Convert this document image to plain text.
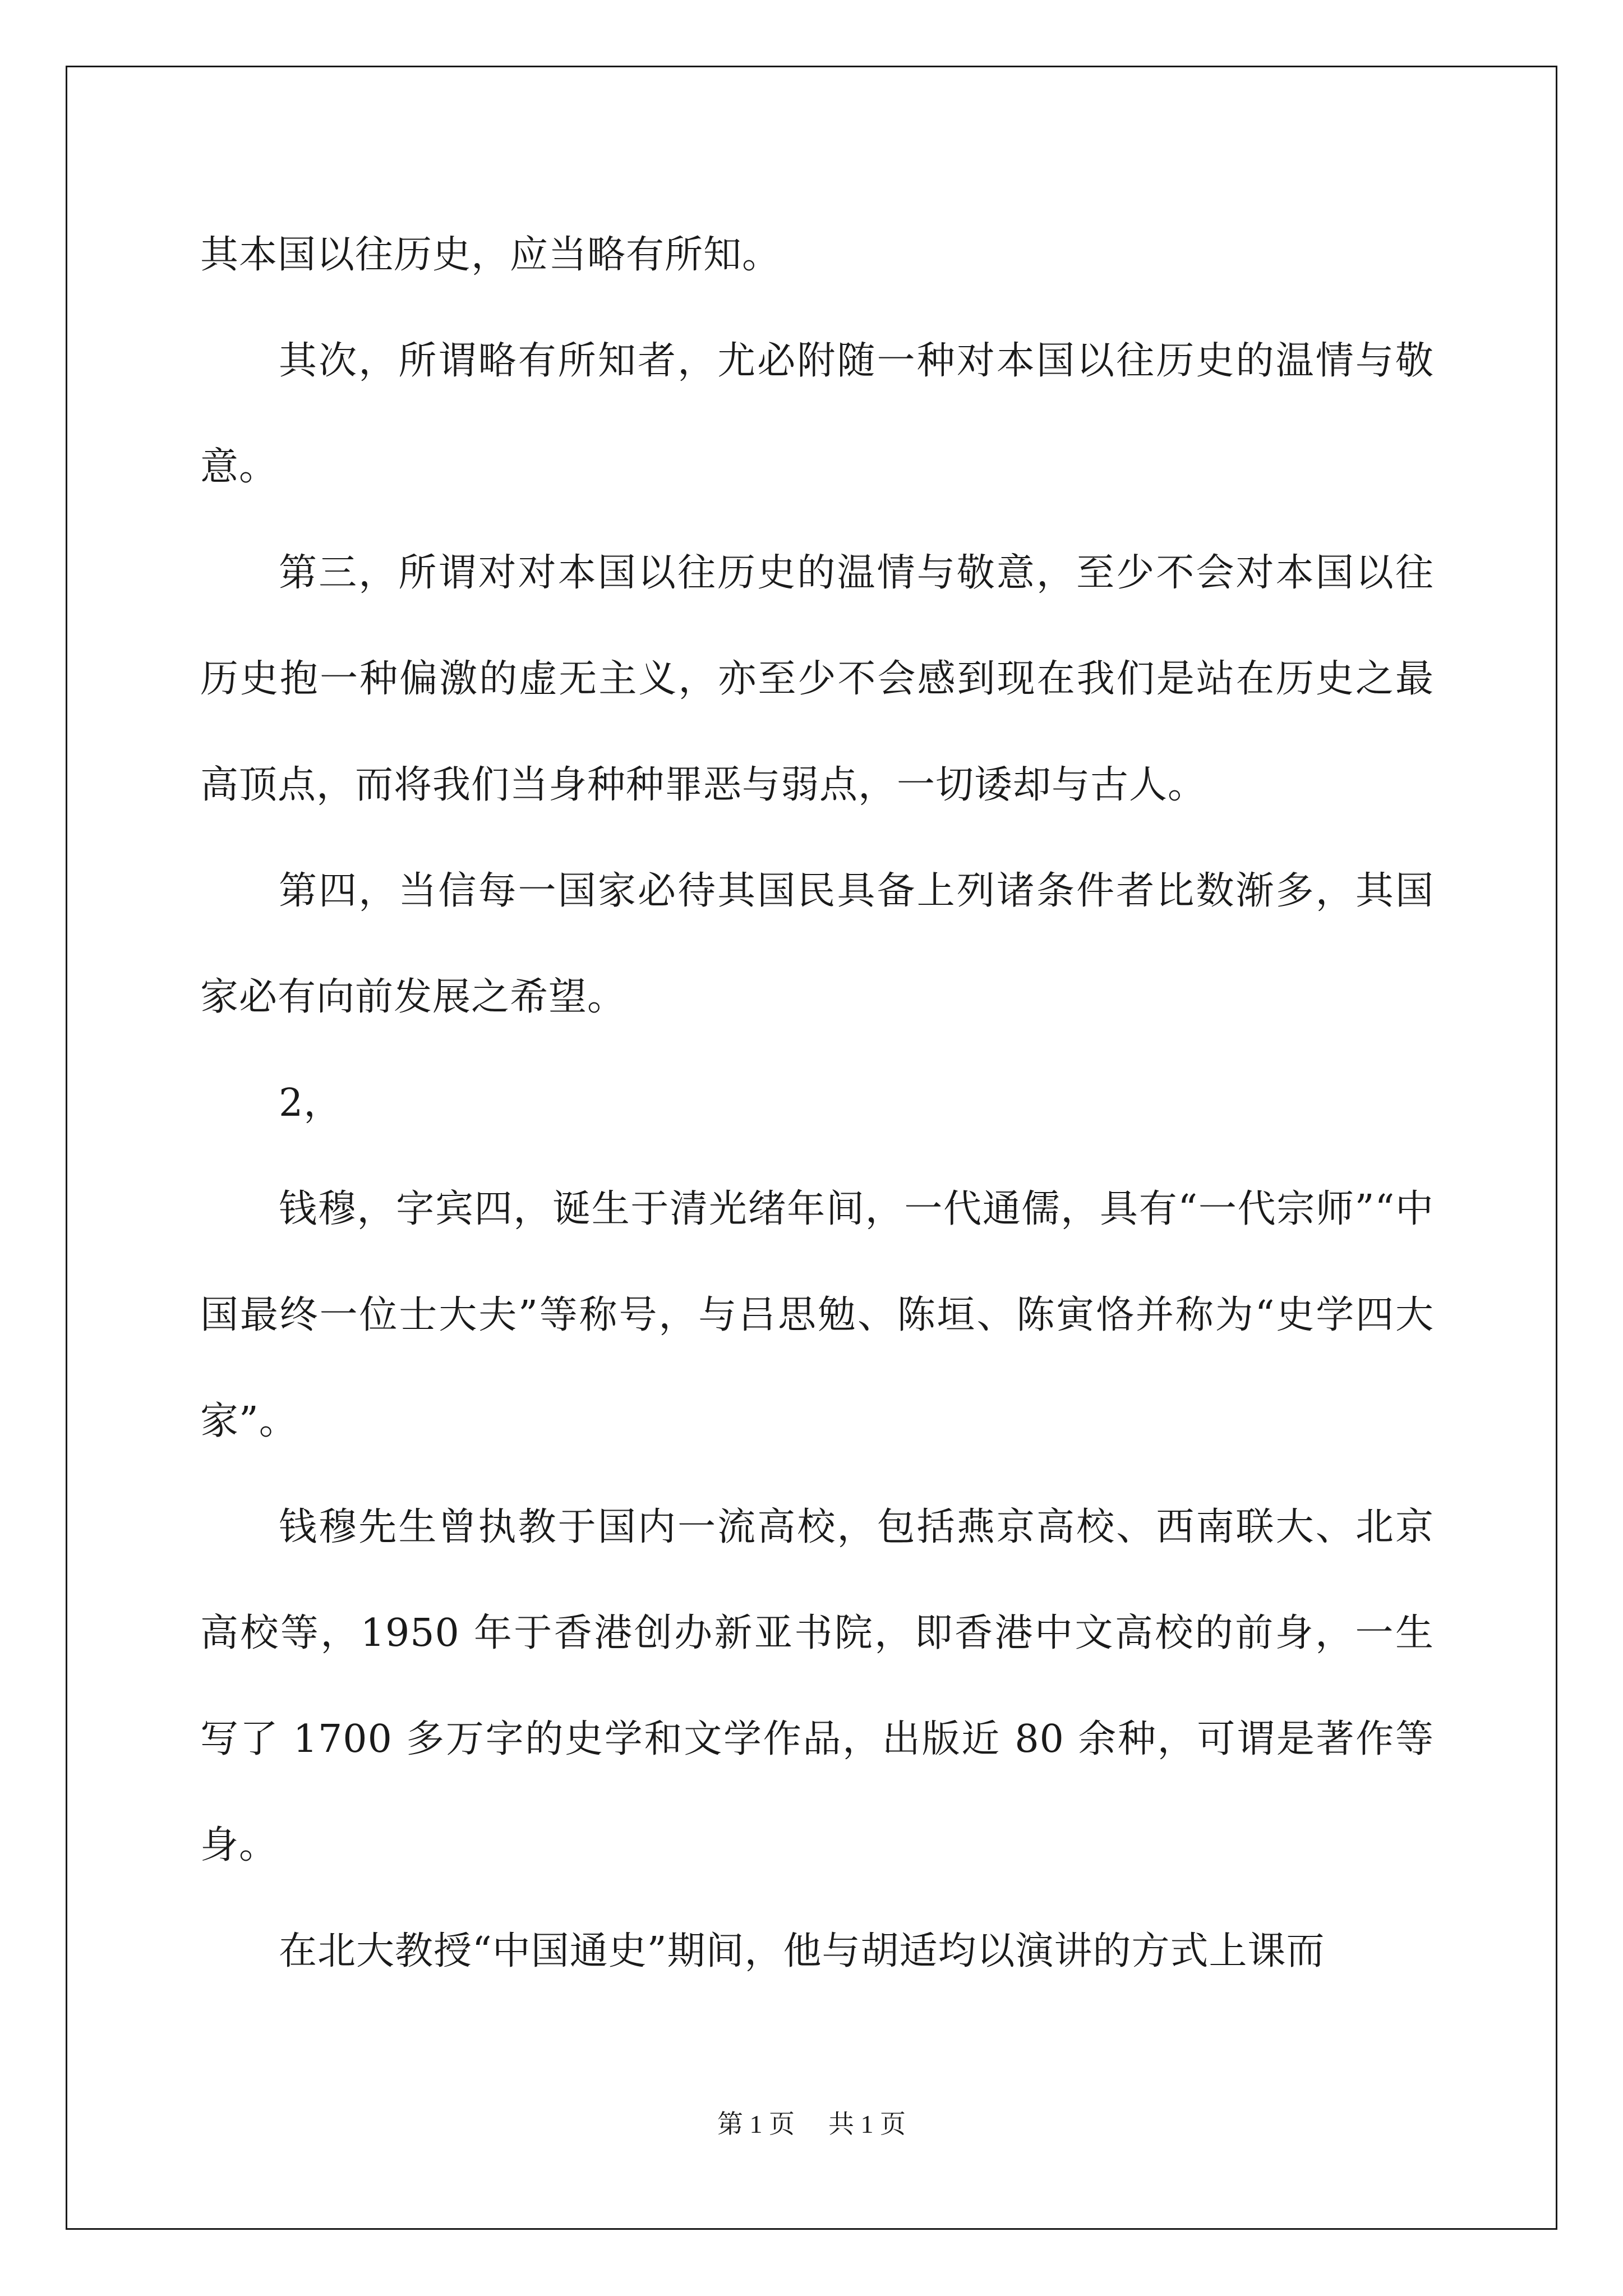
其本国以往历史，应当略有所知。

其次，所谓略有所知者，尤必附随一种对本国以往历史的温情与敬意。

第三，所谓对对本国以往历史的温情与敬意，至少不会对本国以往历史抱一种偏激的虚无主义，亦至少不会感到现在我们是站在历史之最高顶点，而将我们当身种种罪恶与弱点，一切诿却与古人。

第四，当信每一国家必待其国民具备上列诸条件者比数渐多，其国家必有向前发展之希望。

2，

钱穆，字宾四，诞生于清光绪年间，一代通儒，具有“一代宗师”“中国最终一位士大夫”等称号，与吕思勉、陈垣、陈寅恪并称为“史学四大家”。

钱穆先生曾执教于国内一流高校，包括燕京高校、西南联大、北京高校等，1950 年于香港创办新亚书院，即香港中文高校的前身，一生写了 1700 多万字的史学和文学作品，出版近 80 余种，可谓是著作等身。

在北大教授“中国通史”期间，他与胡适均以演讲的方式上课而

第 1 页 共 1 页
